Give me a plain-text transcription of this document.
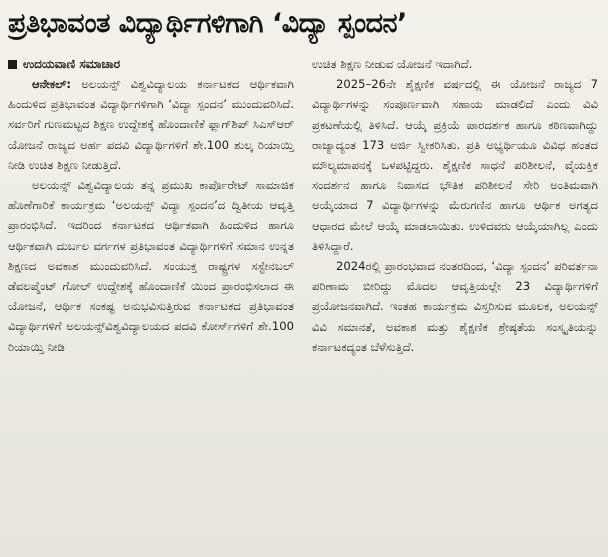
ಪ್ರತಿಭಾವಂತ ವಿದ್ಯಾರ್ಥಿಗಳಿಗಾಗಿ ‘ವಿದ್ಯಾ ಸ್ಪಂದನ’
ಉದಯವಾಣಿ ಸಮಾಚಾರ

ಆನೇಕಲ್: ಅಲಯನ್ಸ್ ವಿಶ್ವವಿದ್ಯಾಲಯ ಕರ್ನಾಟಕದ ಆರ್ಥಿಕವಾಗಿ ಹಿಂದುಳಿದ ಪ್ರತಿಭಾವಂತ ವಿದ್ಯಾರ್ಥಿಗಳಿಗಾಗಿ ‘ವಿದ್ಯಾ ಸ್ಪಂದನ’ ಮುಂದುವರಿಸಿದೆ. ಸರ್ವರಿಗೆ ಗುಣಮಟ್ಟದ ಶಿಕ್ಷಣ ಉದ್ದೇಶಕ್ಕೆ ಹೊಂದಾಣಿಕೆ ಫ್ಲಾಗ್‌ಶಿಪ್ ಸಿಎಸ್‌ಆರ್ ಯೋಜನೆ ರಾಜ್ಯದ ಅರ್ಹ ಪದವಿ ವಿದ್ಯಾರ್ಥಿಗಳಿಗೆ ಶೇ.100 ಶುಲ್ಕ ರಿಯಾಯ್ತಿ ನೀಡಿ ಉಚಿತ ಶಿಕ್ಷಣ ನೀಡುತ್ತಿದೆ.

ಅಲಯನ್ಸ್ ವಿಶ್ವವಿದ್ಯಾಲಯ ತನ್ನ ಪ್ರಮುಖ ಕಾರ್ಪೊರೇಟ್ ಸಾಮಾಜಿಕ ಹೊಣೆಗಾರಿಕೆ ಕಾರ್ಯಕ್ರಮ ‘ಅಲಯನ್ಸ್ ವಿದ್ಯಾ ಸ್ಪಂದನ’ದ ದ್ವಿತೀಯ ಆವೃತ್ತಿ ಪ್ರಾರಂಭಿಸಿದೆ. ಇದರಿಂದ ಕರ್ನಾಟಕದ ಆರ್ಥಿಕವಾಗಿ ಹಿಂದುಳಿದ ಹಾಗೂ ಆರ್ಥಿಕವಾಗಿ ದುರ್ಬಲ ವರ್ಗಗಳ ಪ್ರತಿಭಾವಂತ ವಿದ್ಯಾರ್ಥಿಗಳಿಗೆ ಸಮಾನ ಉನ್ನತ ಶಿಕ್ಷಣದ ಅವಕಾಶ ಮುಂದುವರಿಸಿದೆ. ಸಂಯುಕ್ತ ರಾಷ್ಟ್ರಗಳ ಸಸ್ಟೇನಬಲ್ ಡೆವಲಪ್ಮೆಂಟ್ ಗೋಲ್ ಉದ್ದೇಶಕ್ಕೆ ಹೊಂದಾಣಿಕೆ ಯಿಂದ ಪ್ರಾರಂಭಿಸಲಾದ ಈ ಯೋಜನೆ, ಆರ್ಥಿಕ ಸಂಕಷ್ಟ ಅನುಭವಿಸುತ್ತಿರುವ ಕರ್ನಾಟಕದ ಪ್ರತಿಭಾವಂತ ವಿದ್ಯಾರ್ಥಿಗಳಿಗೆ ಅಲಯನ್ಸ್‌ವಿಶ್ವವಿದ್ಯಾಲಯದ ಪದವಿ ಕೋರ್ಸ್‌ಗಳಿಗೆ ಶೇ.100 ರಿಯಾಯ್ತಿ ನೀಡಿ

ಉಚಿತ ಶಿಕ್ಷಣ ನೀಡುವ ಯೋಜನೆ ಇದಾಗಿದೆ.

2025–26ನೇ ಶೈಕ್ಷಣಿಕ ವರ್ಷದಲ್ಲಿ ಈ ಯೋಜನೆ ರಾಜ್ಯದ 7 ವಿದ್ಯಾರ್ಥಿಗಳನ್ನು ಸಂಪೂರ್ಣವಾಗಿ ಸಹಾಯ ಮಾಡಲಿದೆ ಎಂದು ವಿವಿ ಪ್ರಕಟಣೆಯಲ್ಲಿ ತಿಳಿಸಿದೆ. ಆಯ್ಕೆ ಪ್ರಕ್ರಿಯೆ ಪಾರದರ್ಶಕ ಹಾಗೂ ಕಠಿಣವಾಗಿದ್ದು ರಾಜ್ಯಾದ್ಯಂತ 173 ಅರ್ಜಿ ಸ್ವೀಕರಿಸಿತು. ಪ್ರತಿ ಅಭ್ಯರ್ಥಿಯೂ ವಿವಿಧ ಹಂತದ ಮೌಲ್ಯಮಾಪನಕ್ಕೆ ಒಳಪಟ್ಟಿದ್ದರು. ಶೈಕ್ಷಣಿಕ ಸಾಧನೆ ಪರಿಶೀಲನೆ, ವೈಯಕ್ತಿಕ ಸಂದರ್ಶನ ಹಾಗೂ ನಿವಾಸದ ಭೌತಿಕ ಪರಿಶೀಲನೆ ಸೇರಿ ಅಂತಿಮವಾಗಿ ಅಯ್ಕೆಯಾದ 7 ವಿದ್ಯಾರ್ಥಿಗಳನ್ನು ಮೆರುಗಣಿನ ಹಾಗೂ ಆರ್ಥಿಕ ಅಗತ್ಯದ ಆಧಾರದ ಮೇಲೆ ಆಯ್ಕೆ ಮಾಡಲಾಯಿತು. ಉಳಿದವರು ಆಯ್ಕೆಯಾಗಿಲ್ಲ ಎಂದು ತಿಳಿಸಿದ್ದಾರೆ.

2024ರಲ್ಲಿ ಪ್ರಾರಂಭವಾದ ನಂತರದಿಂದ, ‘ವಿದ್ಯಾ ಸ್ಪಂದನ’ ಪರಿವರ್ತನಾ ಪರಿಣಾಮ ಬೀರಿದ್ದು ಮೊದಲ ಆವೃತ್ತಿಯಲ್ಲೇ 23 ವಿದ್ಯಾರ್ಥಿಗಳಿಗೆ ಪ್ರಯೋಜನವಾಗಿದೆ. ಇಂತಹ ಕಾರ್ಯಕ್ರಮ ವಿಸ್ತರಿಸುವ ಮೂಲಕ, ಅಲಯನ್ಸ್ ವಿವಿ ಸಮಾನತೆ, ಅವಕಾಶ ಮತ್ತು ಶೈಕ್ಷಣಿಕ ಶ್ರೇಷ್ಠತೆಯ ಸಂಸ್ಕೃತಿಯನ್ನು ಕರ್ನಾಟಕದ್ಯಂತ ಬೆಳೆಸುತ್ತಿದೆ.
